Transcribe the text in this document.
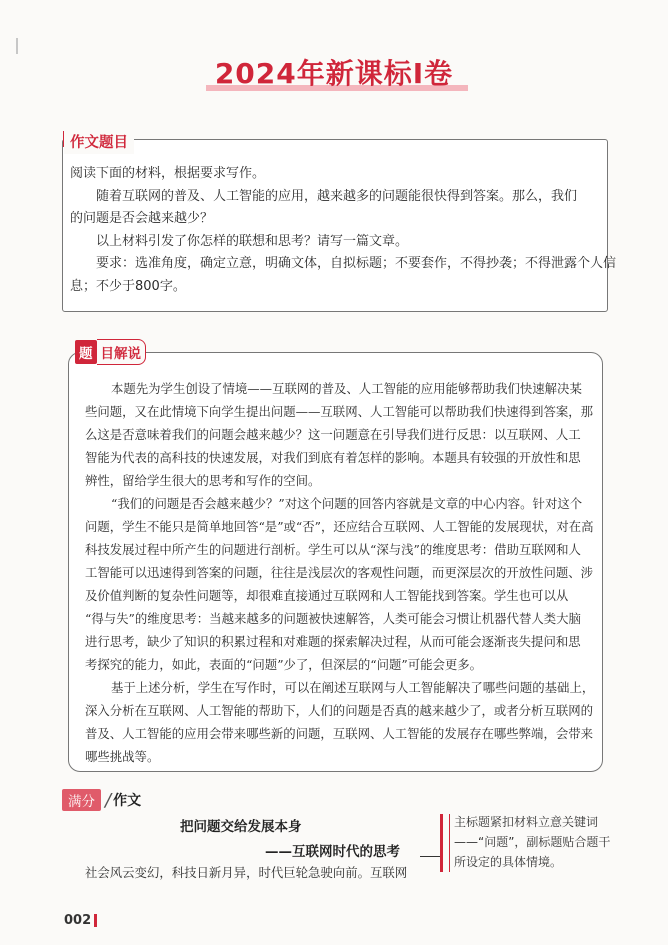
2024年新课标Ⅰ卷
作文题目
阅读下面的材料，根据要求写作。
随着互联网的普及、人工智能的应用，越来越多的问题能很快得到答案。那么，我们
的问题是否会越来越少？
以上材料引发了你怎样的联想和思考？请写一篇文章。
要求：选准角度，确定立意，明确文体，自拟标题；不要套作，不得抄袭；不得泄露个人信
息；不少于800字。
题 目解说
本题先为学生创设了情境——互联网的普及、人工智能的应用能够帮助我们快速解决某
些问题，又在此情境下向学生提出问题——互联网、人工智能可以帮助我们快速得到答案，那
么这是否意味着我们的问题会越来越少？这一问题意在引导我们进行反思：以互联网、人工
智能为代表的高科技的快速发展，对我们到底有着怎样的影响。本题具有较强的开放性和思
辨性，留给学生很大的思考和写作的空间。
“我们的问题是否会越来越少？”对这个问题的回答内容就是文章的中心内容。针对这个
问题，学生不能只是简单地回答“是”或“否”，还应结合互联网、人工智能的发展现状，对在高
科技发展过程中所产生的问题进行剖析。学生可以从“深与浅”的维度思考：借助互联网和人
工智能可以迅速得到答案的问题，往往是浅层次的客观性问题，而更深层次的开放性问题、涉
及价值判断的复杂性问题等，却很难直接通过互联网和人工智能找到答案。学生也可以从
“得与失”的维度思考：当越来越多的问题被快速解答，人类可能会习惯让机器代替人类大脑
进行思考，缺少了知识的积累过程和对难题的探索解决过程，从而可能会逐渐丧失提问和思
考探究的能力，如此，表面的“问题”少了，但深层的“问题”可能会更多。
基于上述分析，学生在写作时，可以在阐述互联网与人工智能解决了哪些问题的基础上，
深入分析在互联网、人工智能的帮助下，人们的问题是否真的越来越少了，或者分析互联网的
普及、人工智能的应用会带来哪些新的问题，互联网、人工智能的发展存在哪些弊端，会带来
哪些挑战等。
满分 / 作文
把问题交给发展本身
——互联网时代的思考
社会风云变幻，科技日新月异，时代巨轮急驶向前。互联网
主标题紧扣材料立意关键词——“问题”，副标题贴合题干所设定的具体情境。
002
